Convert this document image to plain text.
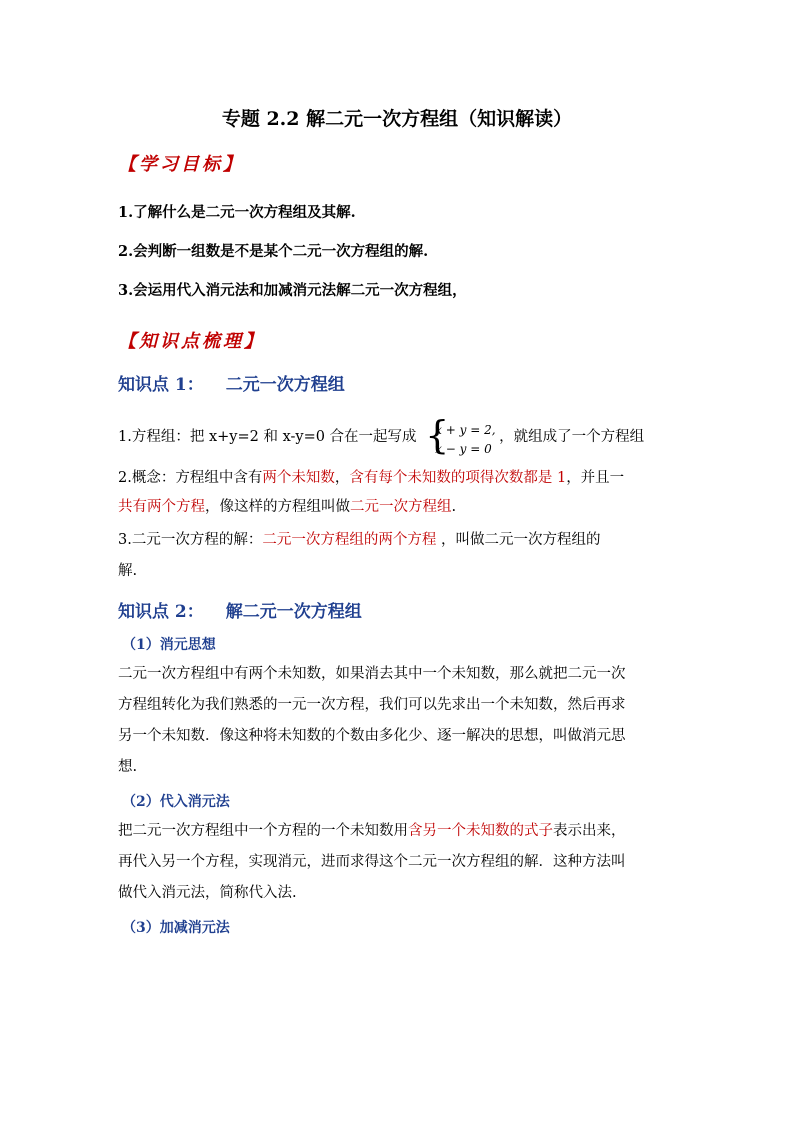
专题 2.2 解二元一次方程组（知识解读）
【学习目标】
1.了解什么是二元一次方程组及其解.
2.会判断一组数是不是某个二元一次方程组的解.
3.会运用代入消元法和加减消元法解二元一次方程组，
【知识点梳理】
知识点 1： 二元一次方程组
1.方程组：把 x+y=2 和 x-y=0 合在一起写成 {
x + y = 2,
x − y = 0
，就组成了一个方程组
2.概念：方程组中含有两个未知数，含有每个未知数的项得次数都是 1，并且一
共有两个方程，像这样的方程组叫做二元一次方程组.
3.二元一次方程的解：二元一次方程组的两个方程 ，叫做二元一次方程组的
解.
知识点 2： 解二元一次方程组
（1）消元思想
二元一次方程组中有两个未知数，如果消去其中一个未知数，那么就把二元一次
方程组转化为我们熟悉的一元一次方程，我们可以先求出一个未知数，然后再求
另一个未知数．像这种将未知数的个数由多化少、逐一解决的思想，叫做消元思
想.
（2）代入消元法
把二元一次方程组中一个方程的一个未知数用含另一个未知数的式子表示出来，
再代入另一个方程，实现消元，进而求得这个二元一次方程组的解．这种方法叫
做代入消元法，简称代入法.
（3）加减消元法
